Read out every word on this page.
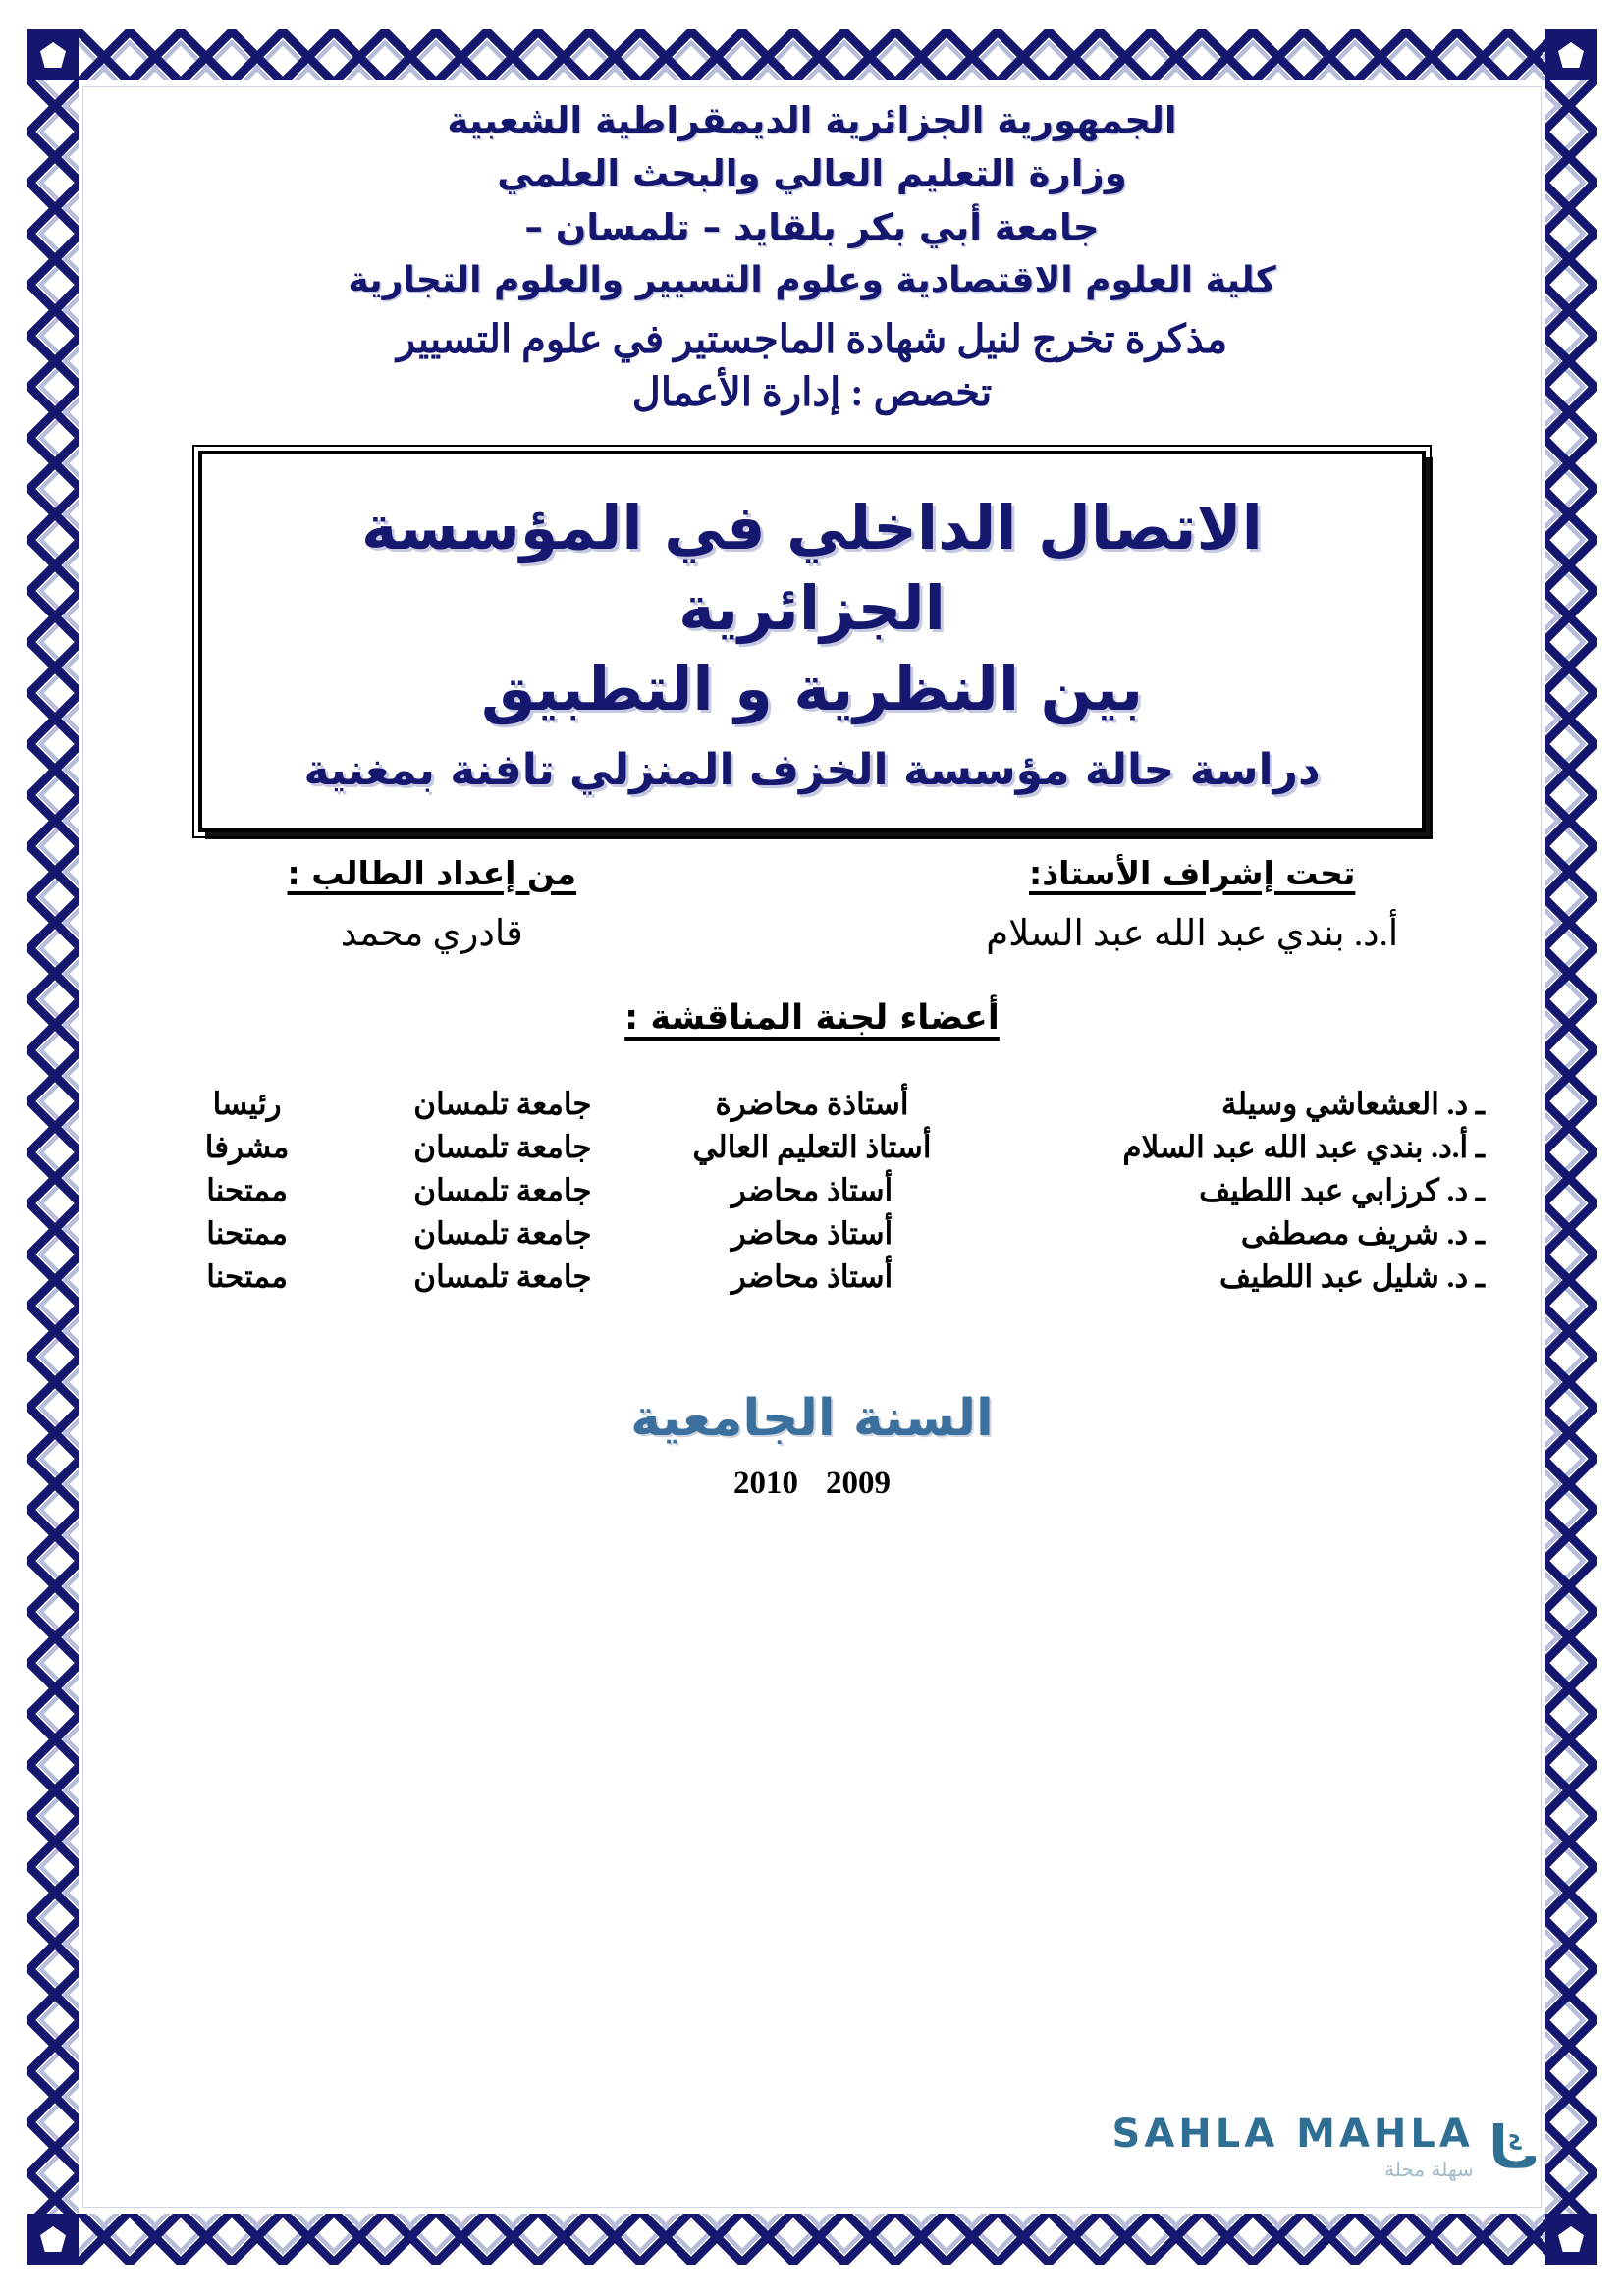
الجمهورية الجزائرية الديمقراطية الشعبية

وزارة التعليم العالي والبحث العلمي

جامعة أبي بكر بلقايد – تلمسان –

كلية العلوم الاقتصادية وعلوم التسيير والعلوم التجارية

مذكرة تخرج لنيل شهادة الماجستير في علوم التسيير

تخصص : إدارة الأعمال

الاتصال الداخلي في المؤسسة الجزائرية

بين النظرية و التطبيق

دراسة حالة مؤسسة الخزف المنزلي تافنة بمغنية

تحت إشراف الأستاذ:

أ.د. بندي عبد الله عبد السلام

من إعداد الطالب :

قادري محمد

أعضاء لجنة المناقشة :

ـ د. العشعاشي وسيلة	أستاذة محاضرة	جامعة تلمسان	رئيسا
ـ أ.د. بندي عبد الله عبد السلام	أستاذ التعليم العالي	جامعة تلمسان	مشرفا
ـ د. كرزابي عبد اللطيف	أستاذ محاضر	جامعة تلمسان	ممتحنا
ـ د. شريف مصطفى	أستاذ محاضر	جامعة تلمسان	ممتحنا
ـ د. شليل عبد اللطيف	أستاذ محاضر	جامعة تلمسان	ممتحنا

السنة الجامعية

2010 2009

SAHLA MAHLA
سهلة محلة ك
